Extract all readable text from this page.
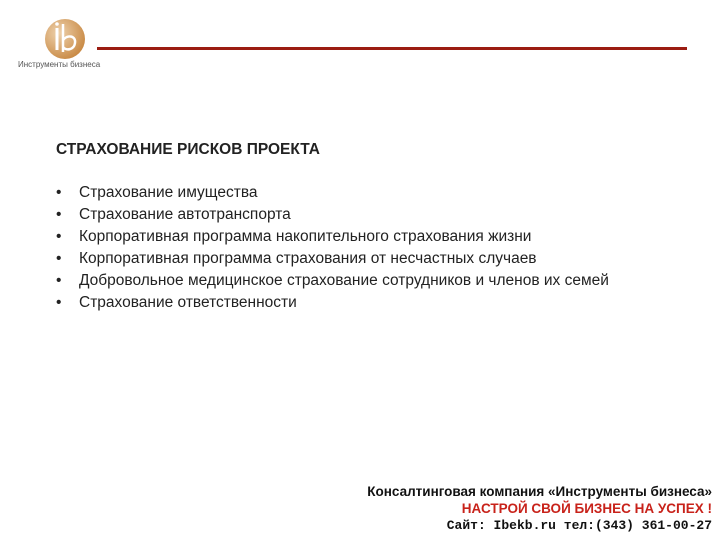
Инструменты бизнеса
СТРАХОВАНИЕ РИСКОВ ПРОЕКТА
• Страхование имущества
• Страхование автотранспорта
• Корпоративная программа накопительного страхования жизни
• Корпоративная программа страхования от несчастных случаев
• Добровольное медицинское страхование сотрудников и членов их семей
• Страхование ответственности
Консалтинговая компания «Инструменты бизнеса»
НАСТРОЙ СВОЙ БИЗНЕС НА УСПЕХ !
Сайт: Ibekb.ru тел:(343) 361-00-27
